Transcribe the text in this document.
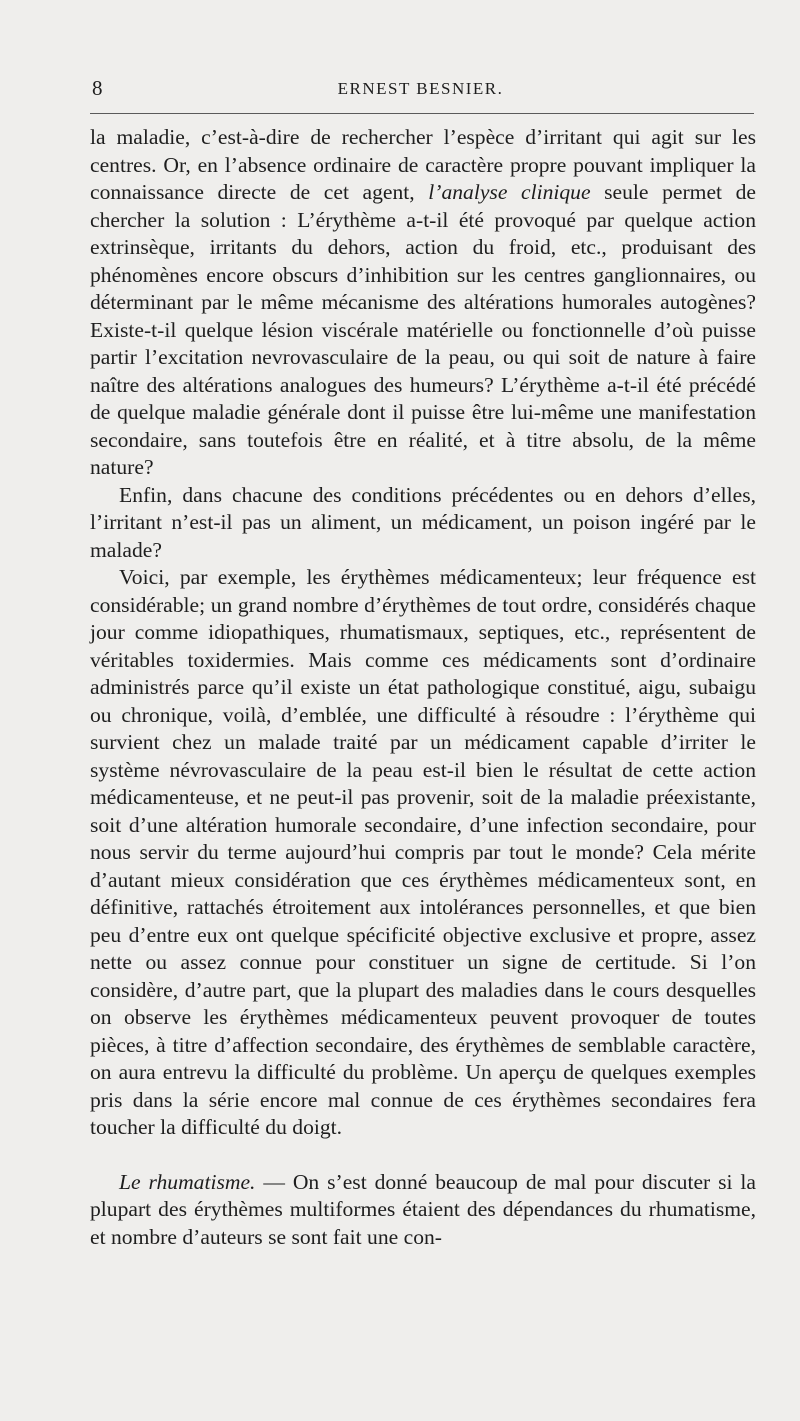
8	ERNEST BESNIER.

la maladie, c’est-à-dire de rechercher l’espèce d’irritant qui agit sur les centres. Or, en l’absence ordinaire de caractère propre pouvant impliquer la connaissance directe de cet agent, l’analyse clinique seule permet de chercher la solution : L’érythème a-t-il été provoqué par quelque action extrinsèque, irritants du dehors, action du froid, etc., produisant des phénomènes encore obscurs d’inhibition sur les centres ganglionnaires, ou déterminant par le même mécanisme des altérations humorales autogènes? Existe-t-il quelque lésion viscérale matérielle ou fonctionnelle d’où puisse partir l’excitation nevrovasculaire de la peau, ou qui soit de nature à faire naître des altérations analogues des humeurs? L’érythème a-t-il été précédé de quelque maladie générale dont il puisse être lui-même une manifestation secondaire, sans toutefois être en réalité, et à titre absolu, de la même nature?

Enfin, dans chacune des conditions précédentes ou en dehors d’elles, l’irritant n’est-il pas un aliment, un médicament, un poison ingéré par le malade?

Voici, par exemple, les érythèmes médicamenteux; leur fréquence est considérable; un grand nombre d’érythèmes de tout ordre, considérés chaque jour comme idiopathiques, rhumatismaux, septiques, etc., représentent de véritables toxidermies. Mais comme ces médicaments sont d’ordinaire administrés parce qu’il existe un état pathologique constitué, aigu, subaigu ou chronique, voilà, d’emblée, une difficulté à résoudre : l’érythème qui survient chez un malade traité par un médicament capable d’irriter le système névrovasculaire de la peau est-il bien le résultat de cette action médicamenteuse, et ne peut-il pas provenir, soit de la maladie préexistante, soit d’une altération humorale secondaire, d’une infection secondaire, pour nous servir du terme aujourd’hui compris par tout le monde? Cela mérite d’autant mieux considération que ces érythèmes médicamenteux sont, en définitive, rattachés étroitement aux intolérances personnelles, et que bien peu d’entre eux ont quelque spécificité objective exclusive et propre, assez nette ou assez connue pour constituer un signe de certitude. Si l’on considère, d’autre part, que la plupart des maladies dans le cours desquelles on observe les érythèmes médicamenteux peuvent provoquer de toutes pièces, à titre d’affection secondaire, des érythèmes de semblable caractère, on aura entrevu la difficulté du problème. Un aperçu de quelques exemples pris dans la série encore mal connue de ces érythèmes secondaires fera toucher la difficulté du doigt.

Le rhumatisme. — On s’est donné beaucoup de mal pour discuter si la plupart des érythèmes multiformes étaient des dépendances du rhumatisme, et nombre d’auteurs se sont fait une con-
